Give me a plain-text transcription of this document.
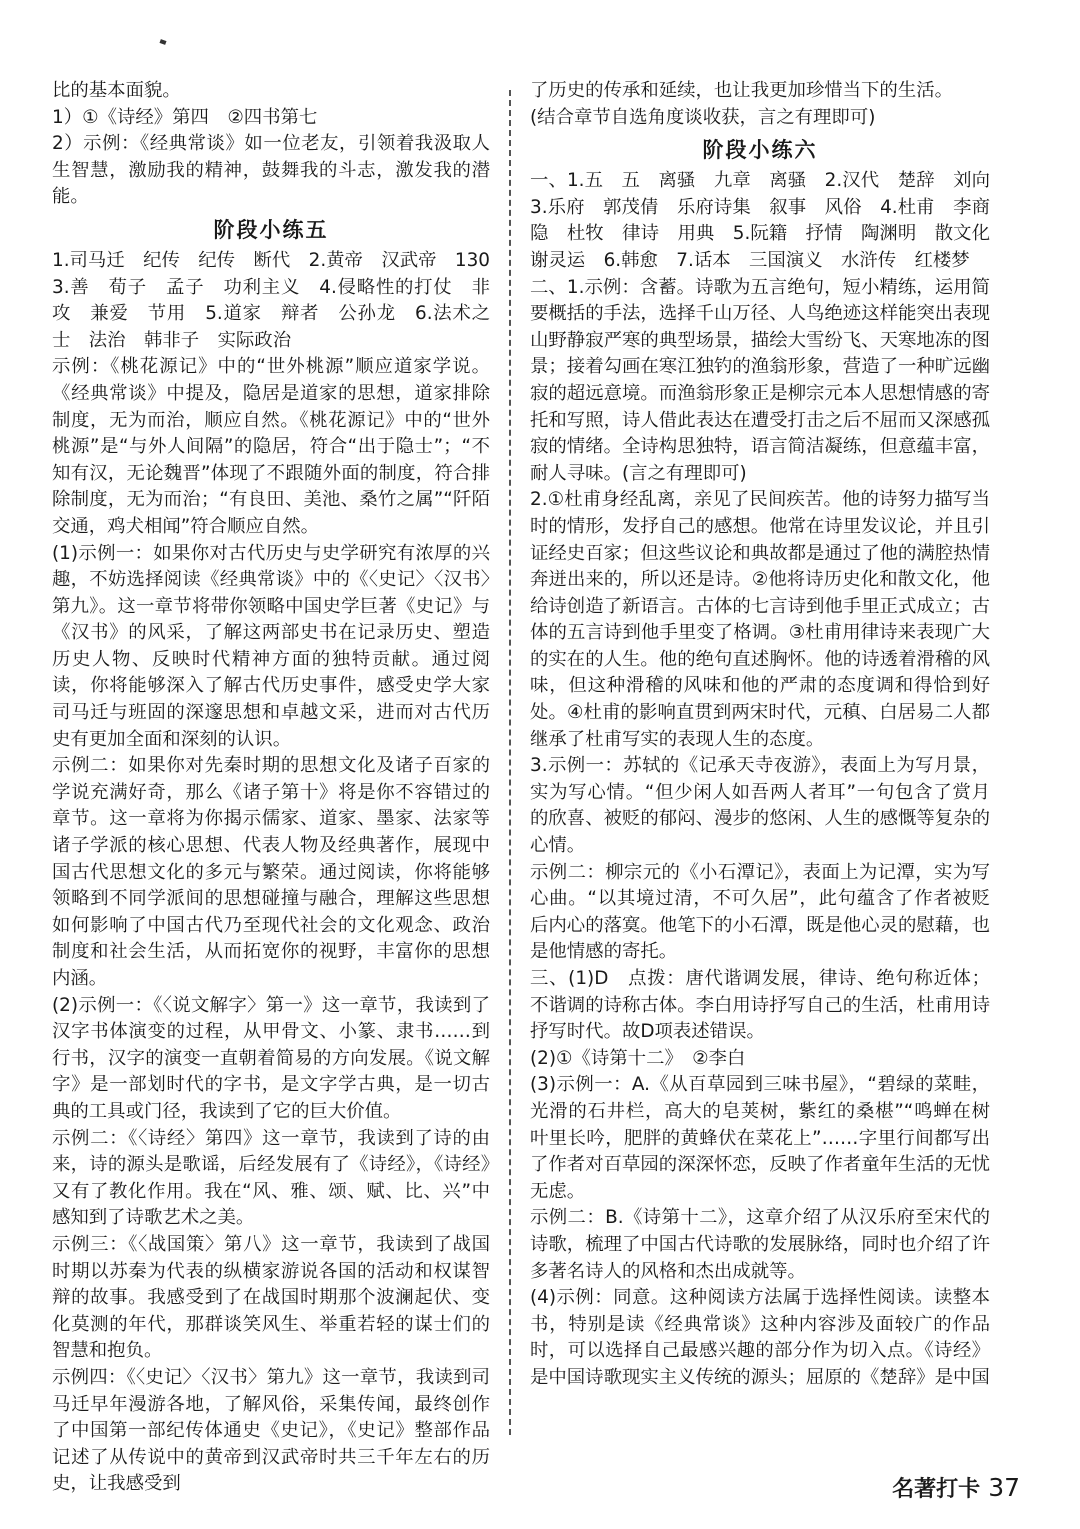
比的基本面貌。

1）①《诗经》第四　②四书第七

2）示例：《经典常谈》如一位老友，引领着我汲取人生智慧，激励我的精神，鼓舞我的斗志，激发我的潜能。

阶段小练五

1.司马迁　纪传　纪传　断代　2.黄帝　汉武帝　130　3.善　荀子　孟子　功利主义　4.侵略性的打仗　非攻　兼爱　节用　5.道家　辩者　公孙龙　6.法术之士　法治　韩非子　实际政治

示例：《桃花源记》中的“世外桃源”顺应道家学说。《经典常谈》中提及，隐居是道家的思想，道家排除制度，无为而治，顺应自然。《桃花源记》中的“世外桃源”是“与外人间隔”的隐居，符合“出于隐士”；“不知有汉，无论魏晋”体现了不跟随外面的制度，符合排除制度，无为而治；“有良田、美池、桑竹之属”“阡陌交通，鸡犬相闻”符合顺应自然。

(1)示例一：如果你对古代历史与史学研究有浓厚的兴趣，不妨选择阅读《经典常谈》中的《〈史记〉〈汉书〉第九》。这一章节将带你领略中国史学巨著《史记》与《汉书》的风采，了解这两部史书在记录历史、塑造历史人物、反映时代精神方面的独特贡献。通过阅读，你将能够深入了解古代历史事件，感受史学大家司马迁与班固的深邃思想和卓越文采，进而对古代历史有更加全面和深刻的认识。

示例二：如果你对先秦时期的思想文化及诸子百家的学说充满好奇，那么《诸子第十》将是你不容错过的章节。这一章将为你揭示儒家、道家、墨家、法家等诸子学派的核心思想、代表人物及经典著作，展现中国古代思想文化的多元与繁荣。通过阅读，你将能够领略到不同学派间的思想碰撞与融合，理解这些思想如何影响了中国古代乃至现代社会的文化观念、政治制度和社会生活，从而拓宽你的视野，丰富你的思想内涵。

(2)示例一：《〈说文解字〉第一》这一章节，我读到了汉字书体演变的过程，从甲骨文、小篆、隶书……到行书，汉字的演变一直朝着简易的方向发展。《说文解字》是一部划时代的字书，是文字学古典，是一切古典的工具或门径，我读到了它的巨大价值。

示例二：《〈诗经〉第四》这一章节，我读到了诗的由来，诗的源头是歌谣，后经发展有了《诗经》，《诗经》又有了教化作用。我在“风、雅、颂、赋、比、兴”中感知到了诗歌艺术之美。

示例三：《〈战国策〉第八》这一章节，我读到了战国时期以苏秦为代表的纵横家游说各国的活动和权谋智辩的故事。我感受到了在战国时期那个波澜起伏、变化莫测的年代，那群谈笑风生、举重若轻的谋士们的智慧和抱负。

示例四：《〈史记〉〈汉书〉第九》这一章节，我读到司马迁早年漫游各地，了解风俗，采集传闻，最终创作了中国第一部纪传体通史《史记》，《史记》整部作品记述了从传说中的黄帝到汉武帝时共三千年左右的历史，让我感受到

了历史的传承和延续，也让我更加珍惜当下的生活。

(结合章节自选角度谈收获，言之有理即可)

阶段小练六

一、1.五　五　离骚　九章　离骚　2.汉代　楚辞　刘向　3.乐府　郭茂倩　乐府诗集　叙事　风俗　4.杜甫　李商隐　杜牧　律诗　用典　5.阮籍　抒情　陶渊明　散文化　谢灵运　6.韩愈　7.话本　三国演义　水浒传　红楼梦

二、1.示例：含蓄。诗歌为五言绝句，短小精练，运用简要概括的手法，选择千山万径、人鸟绝迹这样能突出表现山野静寂严寒的典型场景，描绘大雪纷飞、天寒地冻的图景；接着勾画在寒江独钓的渔翁形象，营造了一种旷远幽寂的超远意境。而渔翁形象正是柳宗元本人思想情感的寄托和写照，诗人借此表达在遭受打击之后不屈而又深感孤寂的情绪。全诗构思独特，语言简洁凝练，但意蕴丰富，耐人寻味。(言之有理即可)

2.①杜甫身经乱离，亲见了民间疾苦。他的诗努力描写当时的情形，发抒自己的感想。他常在诗里发议论，并且引证经史百家；但这些议论和典故都是通过了他的满腔热情奔迸出来的，所以还是诗。②他将诗历史化和散文化，他给诗创造了新语言。古体的七言诗到他手里正式成立；古体的五言诗到他手里变了格调。③杜甫用律诗来表现广大的实在的人生。他的绝句直述胸怀。他的诗透着滑稽的风味，但这种滑稽的风味和他的严肃的态度调和得恰到好处。④杜甫的影响直贯到两宋时代，元稹、白居易二人都继承了杜甫写实的表现人生的态度。

3.示例一：苏轼的《记承天寺夜游》，表面上为写月景，实为写心情。“但少闲人如吾两人者耳”一句包含了赏月的欣喜、被贬的郁闷、漫步的悠闲、人生的感慨等复杂的心情。

示例二：柳宗元的《小石潭记》，表面上为记潭，实为写心曲。“以其境过清，不可久居”，此句蕴含了作者被贬后内心的落寞。他笔下的小石潭，既是他心灵的慰藉，也是他情感的寄托。

三、(1)D　点拨：唐代谐调发展，律诗、绝句称近体；不谐调的诗称古体。李白用诗抒写自己的生活，杜甫用诗抒写时代。故D项表述错误。

(2)①《诗第十二》　②李白

(3)示例一：A.《从百草园到三味书屋》，“碧绿的菜畦，光滑的石井栏，高大的皂荚树，紫红的桑椹”“鸣蝉在树叶里长吟，肥胖的黄蜂伏在菜花上”……字里行间都写出了作者对百草园的深深怀恋，反映了作者童年生活的无忧无虑。

示例二：B.《诗第十二》，这章介绍了从汉乐府至宋代的诗歌，梳理了中国古代诗歌的发展脉络，同时也介绍了许多著名诗人的风格和杰出成就等。

(4)示例：同意。这种阅读方法属于选择性阅读。读整本书，特别是读《经典常谈》这种内容涉及面较广的作品时，可以选择自己最感兴趣的部分作为切入点。《诗经》是中国诗歌现实主义传统的源头；屈原的《楚辞》是中国

名著打卡 37
